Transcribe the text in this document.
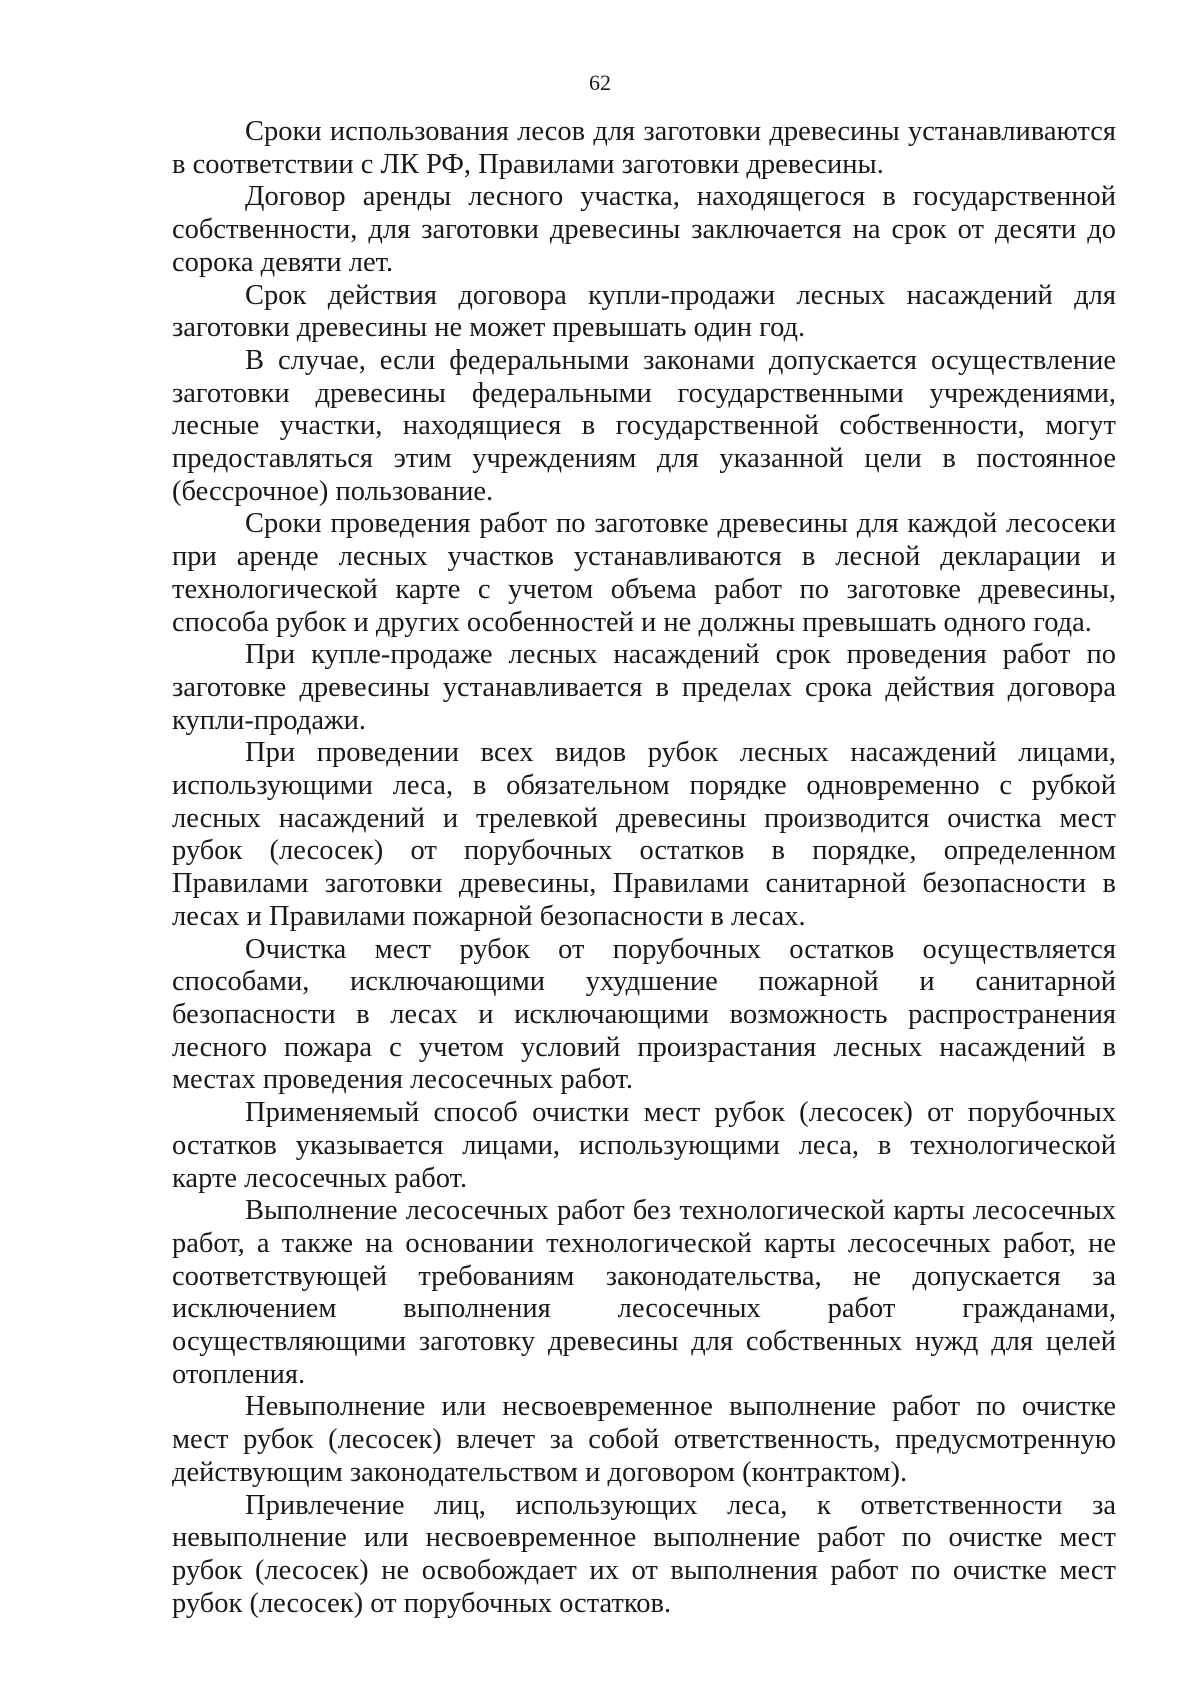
62

Сроки использования лесов для заготовки древесины устанавливаются в соответствии с ЛК РФ, Правилами заготовки древесины.

Договор аренды лесного участка, находящегося в государственной собственности, для заготовки древесины заключается на срок от десяти до сорока девяти лет.

Срок действия договора купли-продажи лесных насаждений для заготовки древесины не может превышать один год.

В случае, если федеральными законами допускается осуществление заготовки древесины федеральными государственными учреждениями, лесные участки, находящиеся в государственной собственности, могут предоставляться этим учреждениям для указанной цели в постоянное (бессрочное) пользование.

Сроки проведения работ по заготовке древесины для каждой лесосеки при аренде лесных участков устанавливаются в лесной декларации и технологической карте с учетом объема работ по заготовке древесины, способа рубок и других особенностей и не должны превышать одного года.

При купле-продаже лесных насаждений срок проведения работ по заготовке древесины устанавливается в пределах срока действия договора купли-продажи.

При проведении всех видов рубок лесных насаждений лицами, использующими леса, в обязательном порядке одновременно с рубкой лесных насаждений и трелевкой древесины производится очистка мест рубок (лесосек) от порубочных остатков в порядке, определенном Правилами заготовки древесины, Правилами санитарной безопасности в лесах и Правилами пожарной безопасности в лесах.

Очистка мест рубок от порубочных остатков осуществляется способами, исключающими ухудшение пожарной и санитарной безопасности в лесах и исключающими возможность распространения лесного пожара с учетом условий произрастания лесных насаждений в местах проведения лесосечных работ.

Применяемый способ очистки мест рубок (лесосек) от порубочных остатков указывается лицами, использующими леса, в технологической карте лесосечных работ.

Выполнение лесосечных работ без технологической карты лесосечных работ, а также на основании технологической карты лесосечных работ, не соответствующей требованиям законодательства, не допускается за исключением выполнения лесосечных работ гражданами, осуществляющими заготовку древесины для собственных нужд для целей отопления.

Невыполнение или несвоевременное выполнение работ по очистке мест рубок (лесосек) влечет за собой ответственность, предусмотренную действующим законодательством и договором (контрактом).

Привлечение лиц, использующих леса, к ответственности за невыполнение или несвоевременное выполнение работ по очистке мест рубок (лесосек) не освобождает их от выполнения работ по очистке мест рубок (лесосек) от порубочных остатков.
